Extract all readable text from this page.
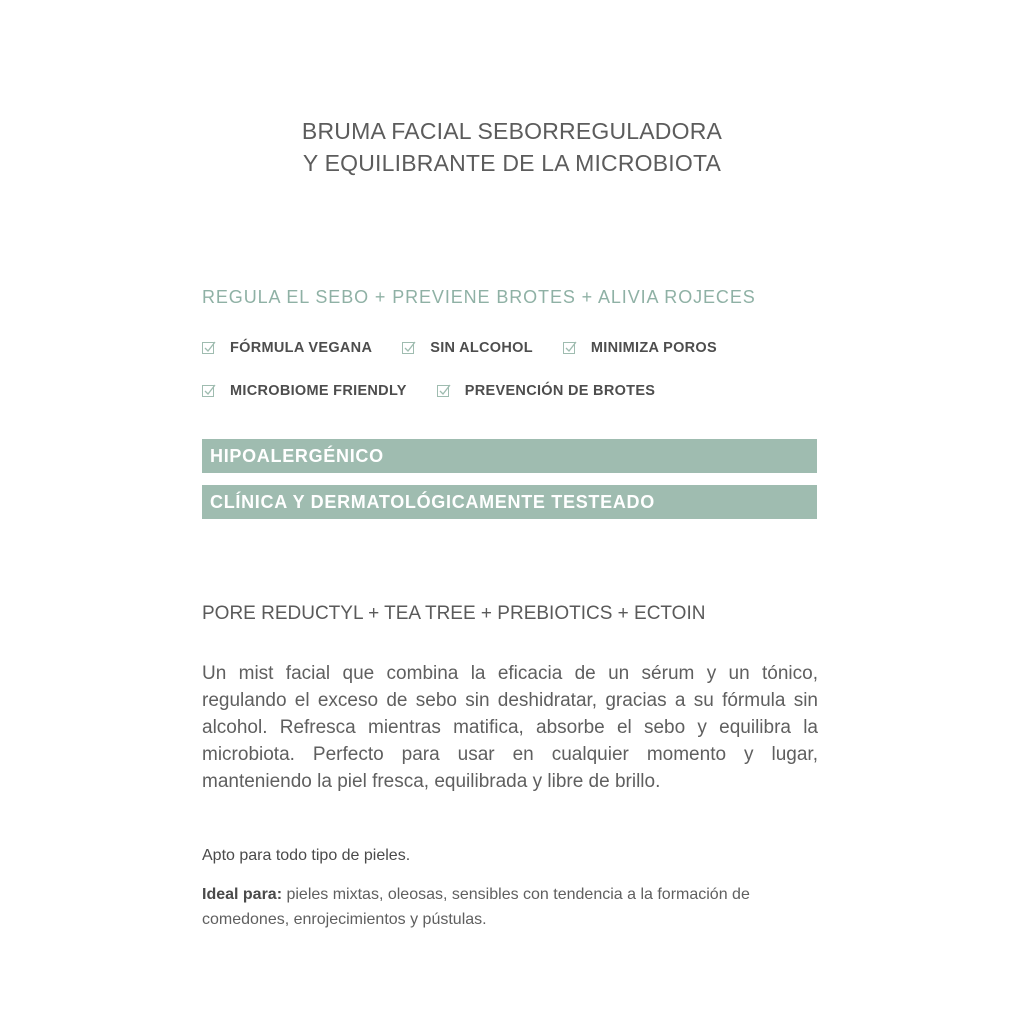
BRUMA FACIAL SEBORREGULADORA
Y EQUILIBRANTE DE LA MICROBIOTA
REGULA EL SEBO + PREVIENE BROTES + ALIVIA ROJECES
FÓRMULA VEGANA	SIN ALCOHOL	MINIMIZA POROS
MICROBIOME FRIENDLY	PREVENCIÓN DE BROTES
HIPOALERGÉNICO
CLÍNICA Y DERMATOLÓGICAMENTE TESTEADO
PORE REDUCTYL + TEA TREE + PREBIOTICS + ECTOIN
Un mist facial que combina la eficacia de un sérum y un tónico, regulando el exceso de sebo sin deshidratar, gracias a su fórmula sin alcohol. Refresca mientras matifica, absorbe el sebo y equilibra la microbiota. Perfecto para usar en cualquier momento y lugar, manteniendo la piel fresca, equilibrada y libre de brillo.
Apto para todo tipo de pieles.
Ideal para: pieles mixtas, oleosas, sensibles con tendencia a la formación de comedones, enrojecimientos y pústulas.
